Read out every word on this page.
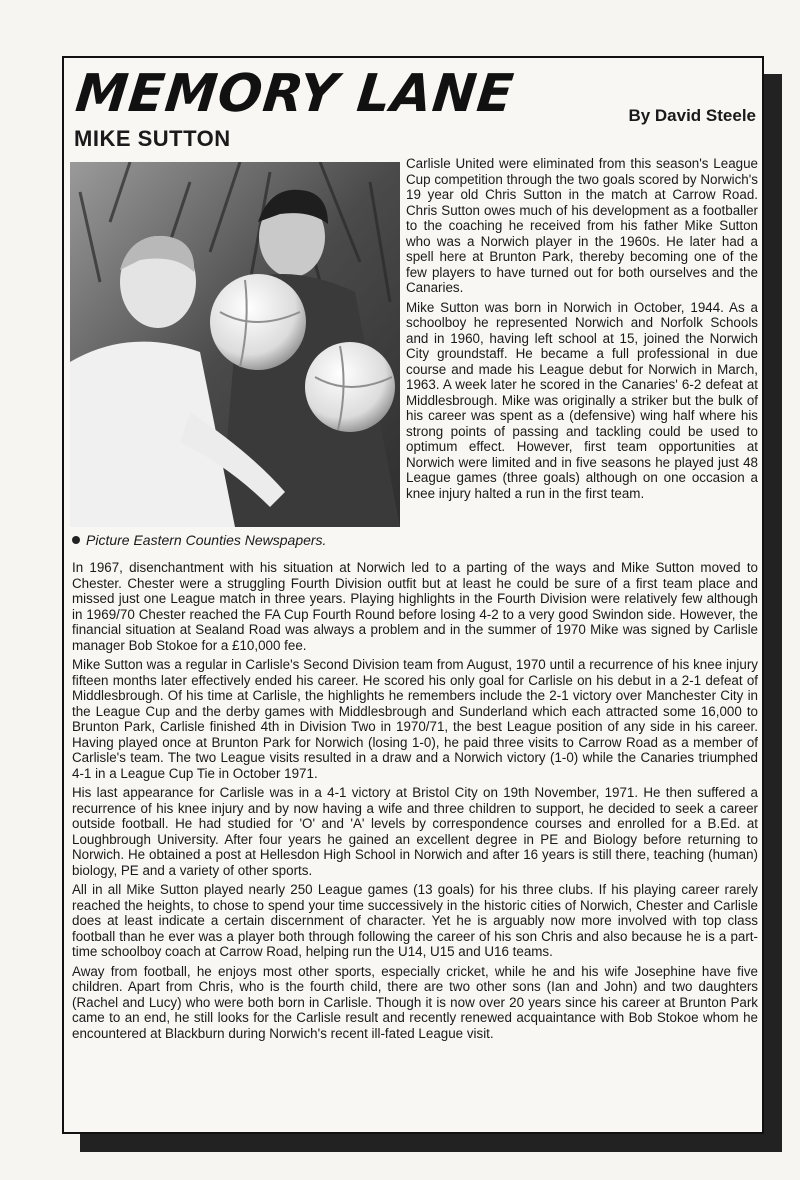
MEMORY LANE	By David Steele
MIKE SUTTON
Picture Eastern Counties Newspapers.

Carlisle United were eliminated from this season's League Cup competition through the two goals scored by Norwich's 19 year old Chris Sutton in the match at Carrow Road. Chris Sutton owes much of his development as a footballer to the coaching he received from his father Mike Sutton who was a Norwich player in the 1960s. He later had a spell here at Brunton Park, thereby becoming one of the few players to have turned out for both ourselves and the Canaries.

Mike Sutton was born in Norwich in October, 1944. As a schoolboy he represented Norwich and Norfolk Schools and in 1960, having left school at 15, joined the Norwich City groundstaff. He became a full professional in due course and made his League debut for Norwich in March, 1963. A week later he scored in the Canaries' 6-2 defeat at Middlesbrough. Mike was originally a striker but the bulk of his career was spent as a (defensive) wing half where his strong points of passing and tackling could be used to optimum effect. However, first team opportunities at Norwich were limited and in five seasons he played just 48 League games (three goals) although on one occasion a knee injury halted a run in the first team.

In 1967, disenchantment with his situation at Norwich led to a parting of the ways and Mike Sutton moved to Chester. Chester were a struggling Fourth Division outfit but at least he could be sure of a first team place and missed just one League match in three years. Playing highlights in the Fourth Division were relatively few although in 1969/70 Chester reached the FA Cup Fourth Round before losing 4-2 to a very good Swindon side. However, the financial situation at Sealand Road was always a problem and in the summer of 1970 Mike was signed by Carlisle manager Bob Stokoe for a £10,000 fee.

Mike Sutton was a regular in Carlisle's Second Division team from August, 1970 until a recurrence of his knee injury fifteen months later effectively ended his career. He scored his only goal for Carlisle on his debut in a 2-1 defeat of Middlesbrough. Of his time at Carlisle, the highlights he remembers include the 2-1 victory over Manchester City in the League Cup and the derby games with Middlesbrough and Sunderland which each attracted some 16,000 to Brunton Park, Carlisle finished 4th in Division Two in 1970/71, the best League position of any side in his career. Having played once at Brunton Park for Norwich (losing 1-0), he paid three visits to Carrow Road as a member of Carlisle's team. The two League visits resulted in a draw and a Norwich victory (1-0) while the Canaries triumphed 4-1 in a League Cup Tie in October 1971.

His last appearance for Carlisle was in a 4-1 victory at Bristol City on 19th November, 1971. He then suffered a recurrence of his knee injury and by now having a wife and three children to support, he decided to seek a career outside football. He had studied for 'O' and 'A' levels by correspondence courses and enrolled for a B.Ed. at Loughbrough University. After four years he gained an excellent degree in PE and Biology before returning to Norwich. He obtained a post at Hellesdon High School in Norwich and after 16 years is still there, teaching (human) biology, PE and a variety of other sports.

All in all Mike Sutton played nearly 250 League games (13 goals) for his three clubs. If his playing career rarely reached the heights, to chose to spend your time successively in the historic cities of Norwich, Chester and Carlisle does at least indicate a certain discernment of character. Yet he is arguably now more involved with top class football than he ever was a player both through following the career of his son Chris and also because he is a part-time schoolboy coach at Carrow Road, helping run the U14, U15 and U16 teams.

Away from football, he enjoys most other sports, especially cricket, while he and his wife Josephine have five children. Apart from Chris, who is the fourth child, there are two other sons (Ian and John) and two daughters (Rachel and Lucy) who were both born in Carlisle. Though it is now over 20 years since his career at Brunton Park came to an end, he still looks for the Carlisle result and recently renewed acquaintance with Bob Stokoe whom he encountered at Blackburn during Norwich's recent ill-fated League visit.
